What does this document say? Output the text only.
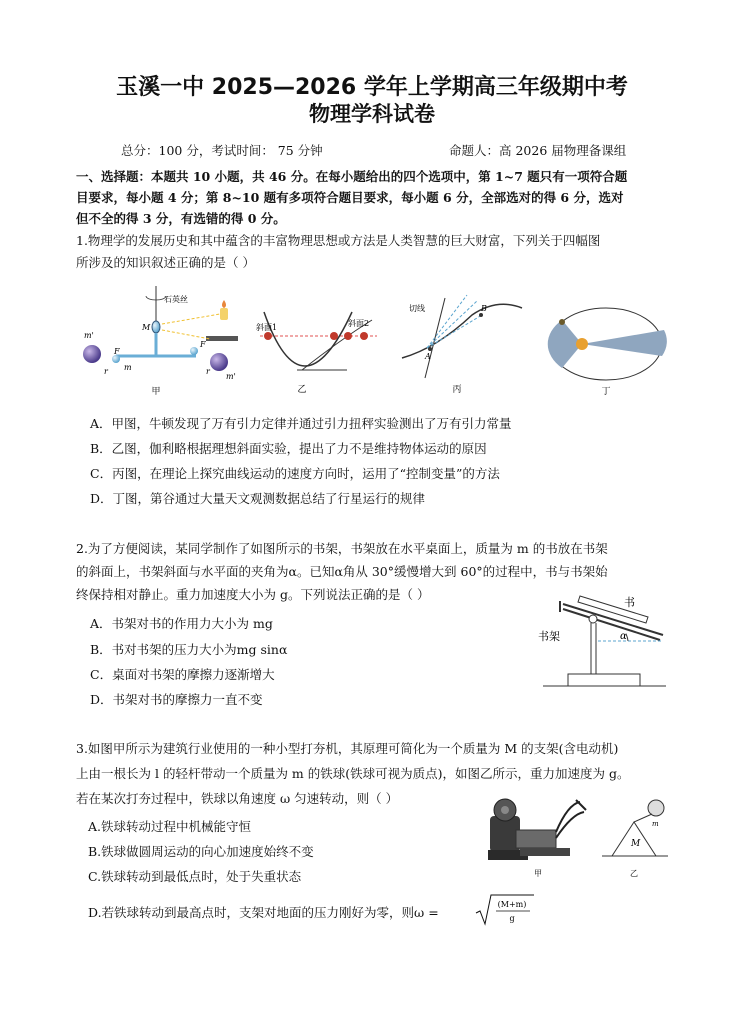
玉溪一中 2025—2026 学年上学期高三年级期中考
物理学科试卷
总分：100 分，考试时间： 75 分钟	命题人：高 2026 届物理备课组
一、选择题：本题共 10 小题，共 46 分。在每小题给出的四个选项中，第 1~7 题只有一项符合题
目要求，每小题 4 分；第 8~10 题有多项符合题目要求，每小题 6 分，全部选对的得 6 分，选对
但不全的得 3 分，有选错的得 0 分。
1.物理学的发展历史和其中蕴含的丰富物理思想或方法是人类智慧的巨大财富，下列关于四幅图
所涉及的知识叙述正确的是（ ）
石英丝
M
m'
m'
F
F
m
r	r
甲
斜面1	斜面2
乙
切线
A
B
丙	丁
A．甲图，牛顿发现了万有引力定律并通过引力扭秤实验测出了万有引力常量
B．乙图，伽利略根据理想斜面实验，提出了力不是维持物体运动的原因
C．丙图，在理论上探究曲线运动的速度方向时，运用了“控制变量”的方法
D．丁图，第谷通过大量天文观测数据总结了行星运行的规律
2.为了方便阅读，某同学制作了如图所示的书架，书架放在水平桌面上，质量为 m 的书放在书架
的斜面上，书架斜面与水平面的夹角为α。已知α角从 30°缓慢增大到 60°的过程中，书与书架始
终保持相对静止。重力加速度大小为 g。下列说法正确的是（ ）
A．书架对书的作用力大小为 mg
B．书对书架的压力大小为mg sinα
C．桌面对书架的摩擦力逐渐增大
D．书架对书的摩擦力一直不变
α
书
书架
3.如图甲所示为建筑行业使用的一种小型打夯机，其原理可简化为一个质量为 M 的支架(含电动机)
上由一根长为 l 的轻杆带动一个质量为 m 的铁球(铁球可视为质点)，如图乙所示，重力加速度为 g。
若在某次打夯过程中，铁球以角速度 ω 匀速转动，则（ ）
A.铁球转动过程中机械能守恒
B.铁球做圆周运动的向心加速度始终不变
C.铁球转动到最低点时，处于失重状态
D.若铁球转动到最高点时，支架对地面的压力刚好为零，则ω =
(M+m)
g
甲
m
M
乙
